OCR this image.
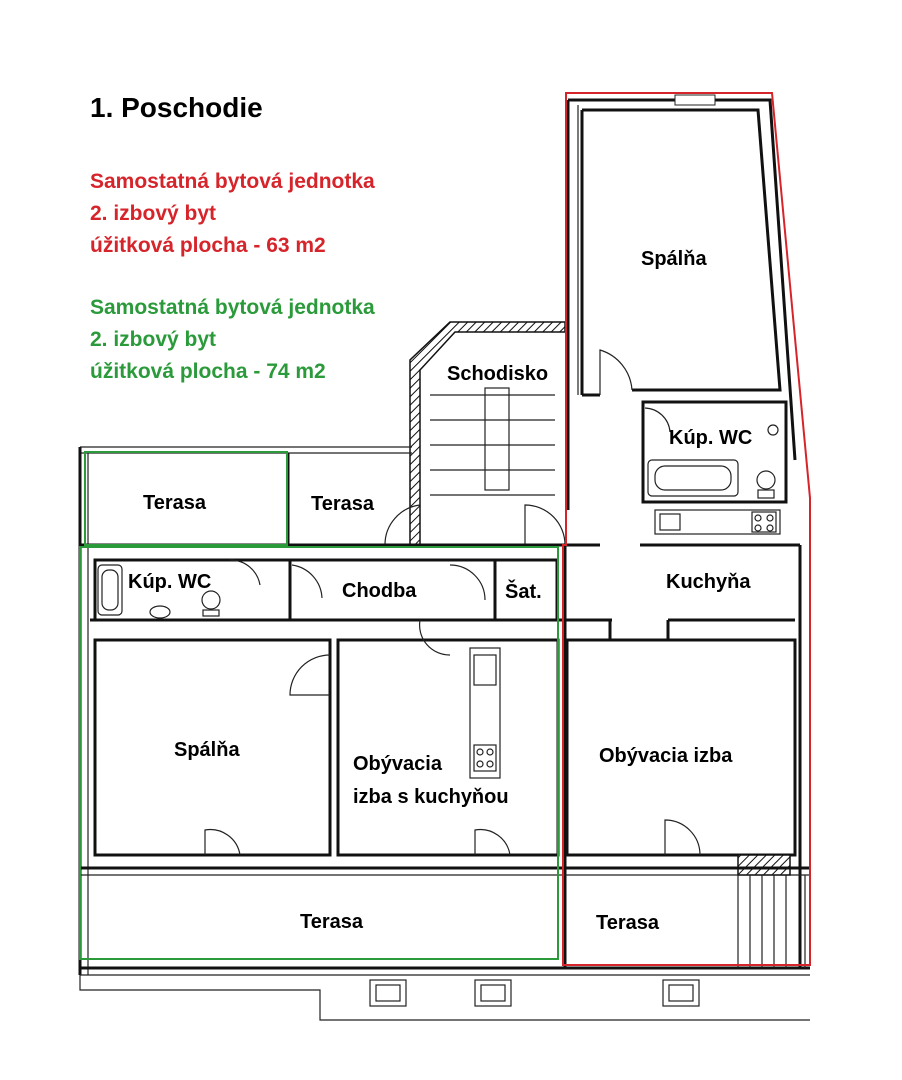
1. Poschodie
Samostatná bytová jednotka
2. izbový byt
úžitková plocha - 63 m2
Samostatná bytová jednotka
2. izbový byt
úžitková plocha - 74 m2
Spálňa
Schodisko
Kúp. WC
Terasa	Terasa
Kúp. WC	Chodba	Šat.	Kuchyňa
Spálňa
Obývacia
izba s kuchyňou
Obývacia izba
Terasa	Terasa
